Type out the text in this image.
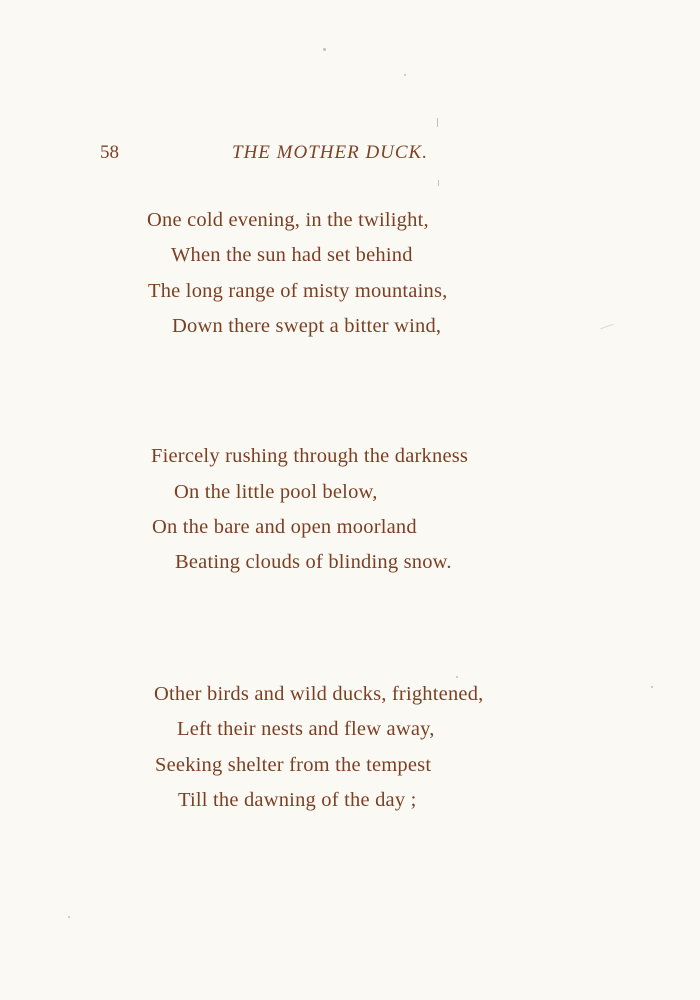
58	THE MOTHER DUCK.
One cold evening, in the twilight,
When the sun had set behind
The long range of misty mountains,
Down there swept a bitter wind,
Fiercely rushing through the darkness
On the little pool below,
On the bare and open moorland
Beating clouds of blinding snow.
Other birds and wild ducks, frightened,
Left their nests and flew away,
Seeking shelter from the tempest
Till the dawning of the day ;
